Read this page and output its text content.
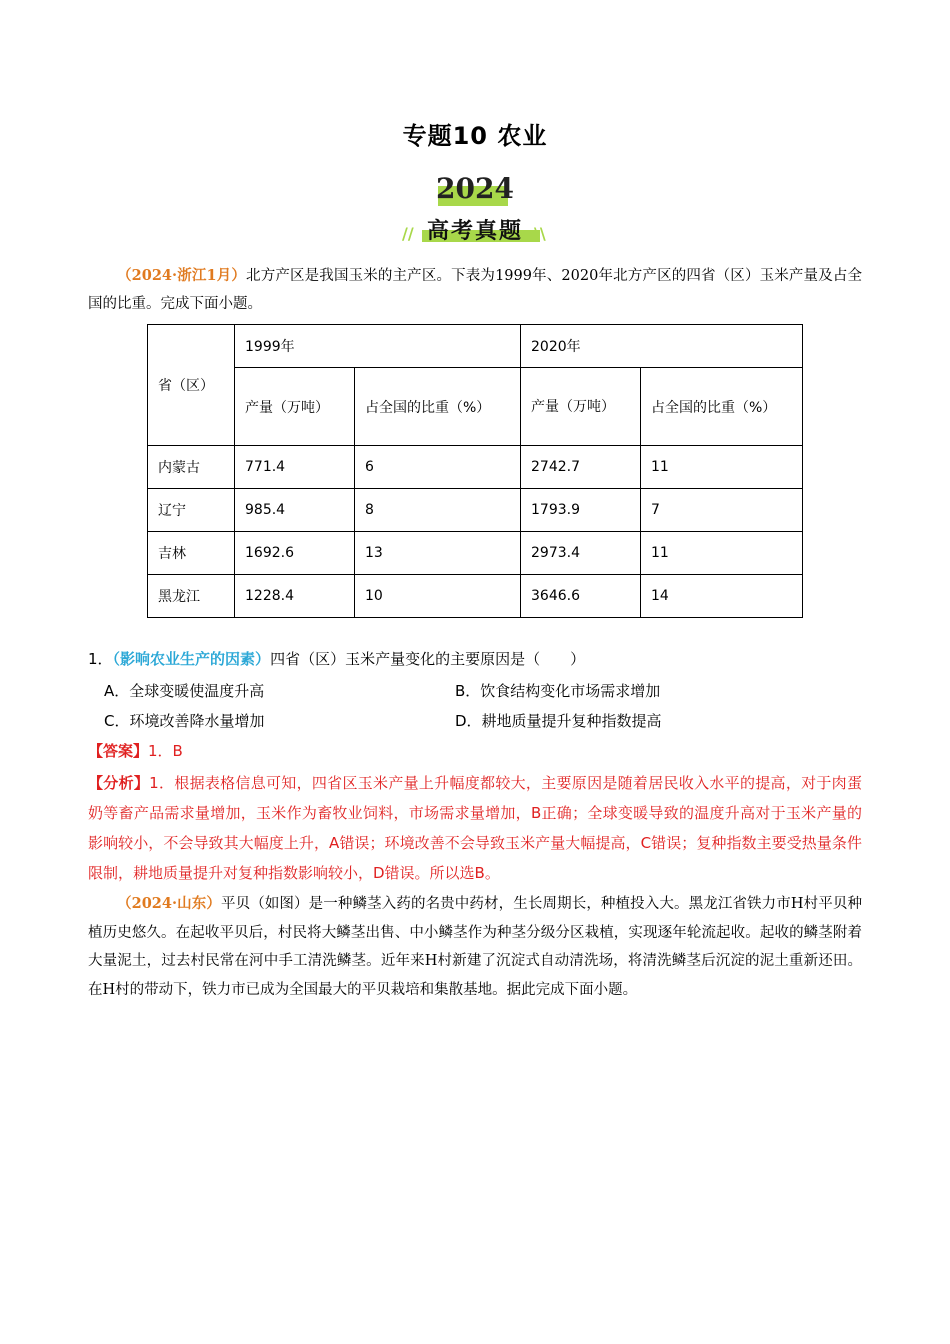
专题10 农业
2024
// 高考真题 \\
（2024·浙江1月）北方产区是我国玉米的主产区。下表为1999年、2020年北方产区的四省（区）玉米产量及占全国的比重。完成下面小题。
省（区）	1999年		2020年	
	产量（万吨）	占全国的比重（%）	产量（万吨）	占全国的比重（%）
内蒙古	771.4	6	2742.7	11
辽宁	985.4	8	1793.9	7
吉林	1692.6	13	2973.4	11
黑龙江	1228.4	10	3646.6	14
1．（影响农业生产的因素）四省（区）玉米产量变化的主要原因是（　　）
A．全球变暖使温度升高	B．饮食结构变化市场需求增加
C．环境改善降水量增加	D．耕地质量提升复种指数提高
【答案】1．B
【分析】1．根据表格信息可知，四省区玉米产量上升幅度都较大，主要原因是随着居民收入水平的提高，对于肉蛋奶等畜产品需求量增加，玉米作为畜牧业饲料，市场需求量增加，B正确；全球变暖导致的温度升高对于玉米产量的影响较小，不会导致其大幅度上升，A错误；环境改善不会导致玉米产量大幅提高，C错误；复种指数主要受热量条件限制，耕地质量提升对复种指数影响较小，D错误。所以选B。
（2024·山东）平贝（如图）是一种鳞茎入药的名贵中药材，生长周期长，种植投入大。黑龙江省铁力市H村平贝种植历史悠久。在起收平贝后，村民将大鳞茎出售、中小鳞茎作为种茎分级分区栽植，实现逐年轮流起收。起收的鳞茎附着大量泥土，过去村民常在河中手工清洗鳞茎。近年来H村新建了沉淀式自动清洗场，将清洗鳞茎后沉淀的泥土重新还田。在H村的带动下，铁力市已成为全国最大的平贝栽培和集散基地。据此完成下面小题。
